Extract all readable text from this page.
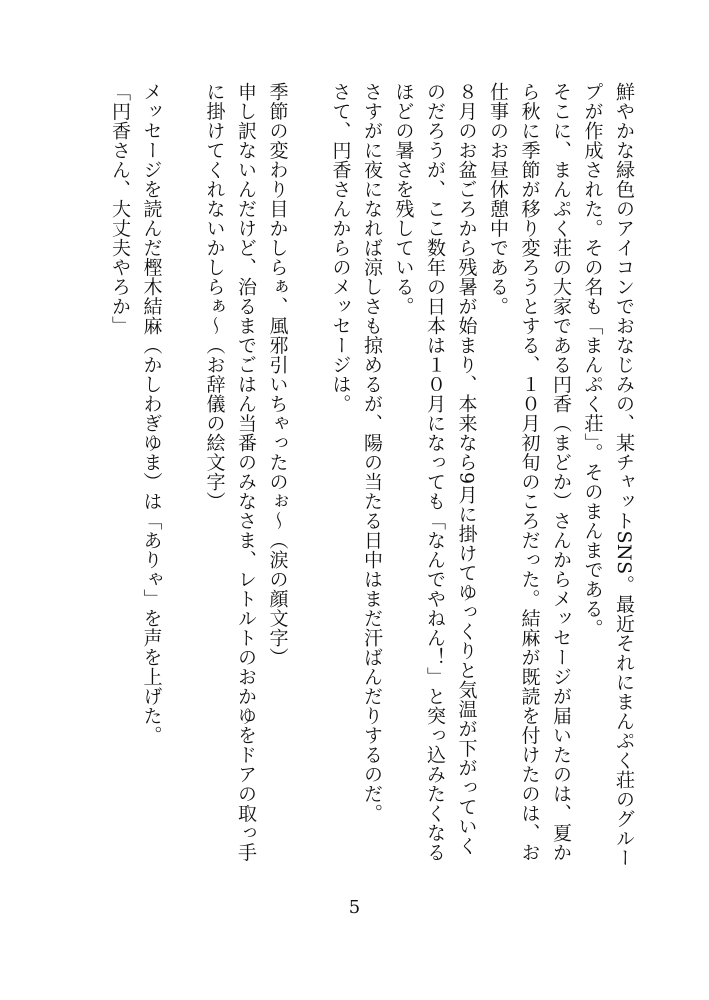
鮮やかな緑色のアイコンでおなじみの、某チャットSNS。最近それにまんぷく荘のグループが作成された。その名も「まんぷく荘」。そのまんまである。

そこに、まんぷく荘の大家である円香（まどか）さんからメッセージが届いたのは、夏から秋に季節が移り変ろうとする、１０月初旬のころだった。結麻が既読を付けたのは、お仕事のお昼休憩中である。

８月のお盆ごろから残暑が始まり、本来なら9月に掛けてゆっくりと気温が下がっていくのだろうが、ここ数年の日本は１０月になっても「なんでやねん！」と突っ込みたくなるほどの暑さを残している。

さすがに夜になれば涼しさも掠めるが、陽の当たる日中はまだ汗ばんだりするのだ。

さて、円香さんからのメッセージは。

季節の変わり目かしらぁ、風邪引いちゃったのぉ～（涙の顔文字）

申し訳ないんだけど、治るまでごはん当番のみなさま、レトルトのおかゆをドアの取っ手に掛けてくれないかしらぁ～（お辞儀の絵文字）

メッセージを読んだ樫木結麻（かしわぎゆま）は「ありゃ」を声を上げた。

「円香さん、大丈夫やろか」

5
